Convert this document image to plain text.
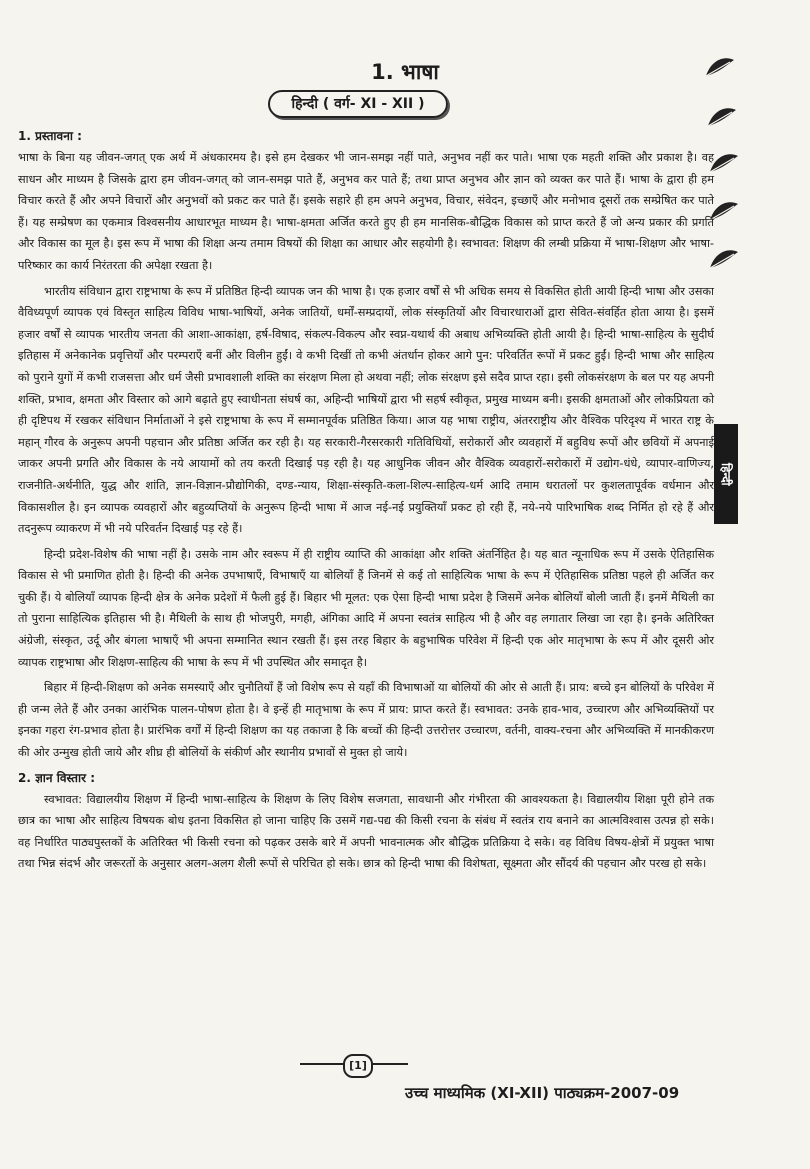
1. भाषा
हिन्दी ( वर्ग- XI - XII )
हिन्दी
1. प्रस्तावना :

भाषा के बिना यह जीवन-जगत् एक अर्थ में अंधकारमय है। इसे हम देखकर भी जान-समझ नहीं पाते, अनुभव नहीं कर पाते। भाषा एक महती शक्ति और प्रकाश है। वह साधन और माध्यम है जिसके द्वारा हम जीवन-जगत् को जान-समझ पाते हैं, अनुभव कर पाते हैं; तथा प्राप्त अनुभव और ज्ञान को व्यक्त कर पाते हैं। भाषा के द्वारा ही हम विचार करते हैं और अपने विचारों और अनुभवों को प्रकट कर पाते हैं। इसके सहारे ही हम अपने अनुभव, विचार, संवेदन, इच्छाएँ और मनोभाव दूसरों तक सम्प्रेषित कर पाते हैं। यह सम्प्रेषण का एकमात्र विश्वसनीय आधारभूत माध्यम है। भाषा-क्षमता अर्जित करते हुए ही हम मानसिक-बौद्धिक विकास को प्राप्त करते हैं जो अन्य प्रकार की प्रगति और विकास का मूल है। इस रूप में भाषा की शिक्षा अन्य तमाम विषयों की शिक्षा का आधार और सहयोगी है। स्वभावत: शिक्षण की लम्बी प्रक्रिया में भाषा-शिक्षण और भाषा-परिष्कार का कार्य निरंतरता की अपेक्षा रखता है।

भारतीय संविधान द्वारा राष्ट्रभाषा के रूप में प्रतिष्ठित हिन्दी व्यापक जन की भाषा है। एक हजार वर्षों से भी अधिक समय से विकसित होती आयी हिन्दी भाषा और उसका वैविध्यपूर्ण व्यापक एवं विस्तृत साहित्य विविध भाषा-भाषियों, अनेक जातियों, धर्मों-सम्प्रदायों, लोक संस्कृतियों और विचारधाराओं द्वारा सेवित-संवर्हित होता आया है। इसमें हजार वर्षों से व्यापक भारतीय जनता की आशा-आकांक्षा, हर्ष-विषाद, संकल्प-विकल्प और स्वप्न-यथार्थ की अबाध अभिव्यक्ति होती आयी है। हिन्दी भाषा-साहित्य के सुदीर्घ इतिहास में अनेकानेक प्रवृत्तियाँ और परम्पराएँ बनीं और विलीन हुईं। वे कभी दिखीं तो कभी अंतर्धान होकर आगे पुन: परिवर्तित रूपों में प्रकट हुईं। हिन्दी भाषा और साहित्य को पुराने युगों में कभी राजसत्ता और धर्म जैसी प्रभावशाली शक्ति का संरक्षण मिला हो अथवा नहीं; लोक संरक्षण इसे सदैव प्राप्त रहा। इसी लोकसंरक्षण के बल पर यह अपनी शक्ति, प्रभाव, क्षमता और विस्तार को आगे बढ़ाते हुए स्वाधीनता संघर्ष का, अहिन्दी भाषियों द्वारा भी सहर्ष स्वीकृत, प्रमुख माध्यम बनी। इसकी क्षमताओं और लोकप्रियता को ही दृष्टिपथ में रखकर संविधान निर्माताओं ने इसे राष्ट्रभाषा के रूप में सम्मानपूर्वक प्रतिष्ठित किया। आज यह भाषा राष्ट्रीय, अंतरराष्ट्रीय और वैश्विक परिदृश्य में भारत राष्ट्र के महान् गौरव के अनुरूप अपनी पहचान और प्रतिष्ठा अर्जित कर रही है। यह सरकारी-गैरसरकारी गतिविधियों, सरोकारों और व्यवहारों में बहुविध रूपों और छवियों में अपनाई जाकर अपनी प्रगति और विकास के नये आयामों को तय करती दिखाई पड़ रही है। यह आधुनिक जीवन और वैश्विक व्यवहारों-सरोकारों में उद्योग-धंधे, व्यापार-वाणिज्य, राजनीति-अर्थनीति, युद्ध और शांति, ज्ञान-विज्ञान-प्रौद्योगिकी, दण्ड-न्याय, शिक्षा-संस्कृति-कला-शिल्प-साहित्य-धर्म आदि तमाम धरातलों पर कुशलतापूर्वक वर्धमान और विकासशील है। इन व्यापक व्यवहारों और बहुव्यप्तियों के अनुरूप हिन्दी भाषा में आज नई-नई प्रयुक्तियाँ प्रकट हो रही हैं, नये-नये पारिभाषिक शब्द निर्मित हो रहे हैं और तदनुरूप व्याकरण में भी नये परिवर्तन दिखाई पड़ रहे हैं।

हिन्दी प्रदेश-विशेष की भाषा नहीं है। उसके नाम और स्वरूप में ही राष्ट्रीय व्याप्ति की आकांक्षा और शक्ति अंतर्निहित है। यह बात न्यूनाधिक रूप में उसके ऐतिहासिक विकास से भी प्रमाणित होती है। हिन्दी की अनेक उपभाषाएँ, विभाषाएँ या बोलियाँ हैं जिनमें से कई तो साहित्यिक भाषा के रूप में ऐतिहासिक प्रतिष्ठा पहले ही अर्जित कर चुकी हैं। ये बोलियाँ व्यापक हिन्दी क्षेत्र के अनेक प्रदेशों में फैली हुई हैं। बिहार भी मूलत: एक ऐसा हिन्दी भाषा प्रदेश है जिसमें अनेक बोलियाँ बोली जाती हैं। इनमें मैथिली का तो पुराना साहित्यिक इतिहास भी है। मैथिली के साथ ही भोजपुरी, मगही, अंगिका आदि में अपना स्वतंत्र साहित्य भी है और वह लगातार लिखा जा रहा है। इनके अतिरिक्त अंग्रेजी, संस्कृत, उर्दू और बंगला भाषाएँ भी अपना सम्मानित स्थान रखती हैं। इस तरह बिहार के बहुभाषिक परिवेश में हिन्दी एक ओर मातृभाषा के रूप में और दूसरी ओर व्यापक राष्ट्रभाषा और शिक्षण-साहित्य की भाषा के रूप में भी उपस्थित और समादृत है।

बिहार में हिन्दी-शिक्षण को अनेक समस्याएँ और चुनौतियाँ हैं जो विशेष रूप से यहाँ की विभाषाओं या बोलियों की ओर से आती हैं। प्राय: बच्चे इन बोलियों के परिवेश में ही जन्म लेते हैं और उनका आरंभिक पालन-पोषण होता है। वे इन्हें ही मातृभाषा के रूप में प्राय: प्राप्त करते हैं। स्वभावत: उनके हाव-भाव, उच्चारण और अभिव्यक्तियों पर इनका गहरा रंग-प्रभाव होता है। प्रारंभिक वर्गों में हिन्दी शिक्षण का यह तकाजा है कि बच्चों की हिन्दी उत्तरोत्तर उच्चारण, वर्तनी, वाक्य-रचना और अभिव्यक्ति में मानकीकरण की ओर उन्मुख होती जाये और शीघ्र ही बोलियों के संकीर्ण और स्थानीय प्रभावों से मुक्त हो जाये।

2. ज्ञान विस्तार :

स्वभावत: विद्यालयीय शिक्षण में हिन्दी भाषा-साहित्य के शिक्षण के लिए विशेष सजगता, सावधानी और गंभीरता की आवश्यकता है। विद्यालयीय शिक्षा पूरी होने तक छात्र का भाषा और साहित्य विषयक बोध इतना विकसित हो जाना चाहिए कि उसमें गद्य-पद्य की किसी रचना के संबंध में स्वतंत्र राय बनाने का आत्मविश्वास उत्पन्न हो सके। वह निर्धारित पाठ्यपुस्तकों के अतिरिक्त भी किसी रचना को पढ़कर उसके बारे में अपनी भावनात्मक और बौद्धिक प्रतिक्रिया दे सके। वह विविध विषय-क्षेत्रों में प्रयुक्त भाषा तथा भिन्न संदर्भ और जरूरतों के अनुसार अलग-अलग शैली रूपों से परिचित हो सके। छात्र को हिन्दी भाषा की विशेषता, सूक्ष्मता और सौंदर्य की पहचान और परख हो सके।

[1]
उच्च माध्यमिक (XI-XII) पाठ्यक्रम-2007-09
